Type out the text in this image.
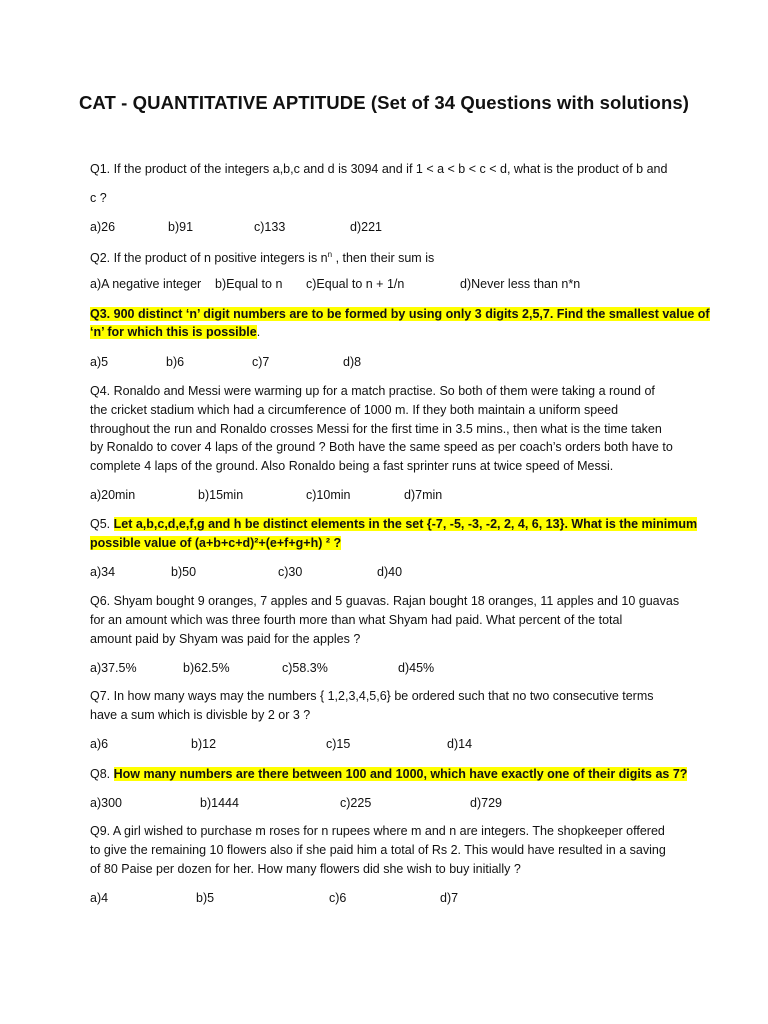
CAT - QUANTITATIVE APTITUDE (Set of 34 Questions with solutions)
Q1. If the product of the integers a,b,c and d is 3094 and if 1 < a < b < c < d, what is the product of b and
c ?
a)26	b)91	c)133	d)221
Q2. If the product of n positive integers is $n^n$ , then their sum is
a)A negative integer b)Equal to n c)Equal to n + 1/n	d)Never less than n*n
Q3. 900 distinct ‘n’ digit numbers are to be formed by using only 3 digits 2,5,7. Find the smallest value of
‘n’ for which this is possible.
a)5	b)6	c)7	d)8
Q4. Ronaldo and Messi were warming up for a match practise. So both of them were taking a round of
the cricket stadium which had a circumference of 1000 m. If they both maintain a uniform speed
throughout the run and Ronaldo crosses Messi for the first time in 3.5 mins., then what is the time taken
by Ronaldo to cover 4 laps of the ground ? Both have the same speed as per coach’s orders both have to
complete 4 laps of the ground. Also Ronaldo being a fast sprinter runs at twice speed of Messi.
a)20min	b)15min	c)10min	d)7min
Q5. Let a,b,c,d,e,f,g and h be distinct elements in the set {-7, -5, -3, -2, 2, 4, 6, 13}. What is the minimum
possible value of (a+b+c+d)²+(e+f+g+h) ² ?
a)34	b)50	c)30	d)40
Q6. Shyam bought 9 oranges, 7 apples and 5 guavas. Rajan bought 18 oranges, 11 apples and 10 guavas
for an amount which was three fourth more than what Shyam had paid. What percent of the total
amount paid by Shyam was paid for the apples ?
a)37.5%	b)62.5%	c)58.3%	d)45%
Q7. In how many ways may the numbers { 1,2,3,4,5,6} be ordered such that no two consecutive terms
have a sum which is divisble by 2 or 3 ?
a)6	b)12	c)15	d)14
Q8. How many numbers are there between 100 and 1000, which have exactly one of their digits as 7?
a)300	b)1444	c)225	d)729
Q9. A girl wished to purchase m roses for n rupees where m and n are integers. The shopkeeper offered
to give the remaining 10 flowers also if she paid him a total of Rs 2. This would have resulted in a saving
of 80 Paise per dozen for her. How many flowers did she wish to buy initially ?
a)4	b)5	c)6	d)7
